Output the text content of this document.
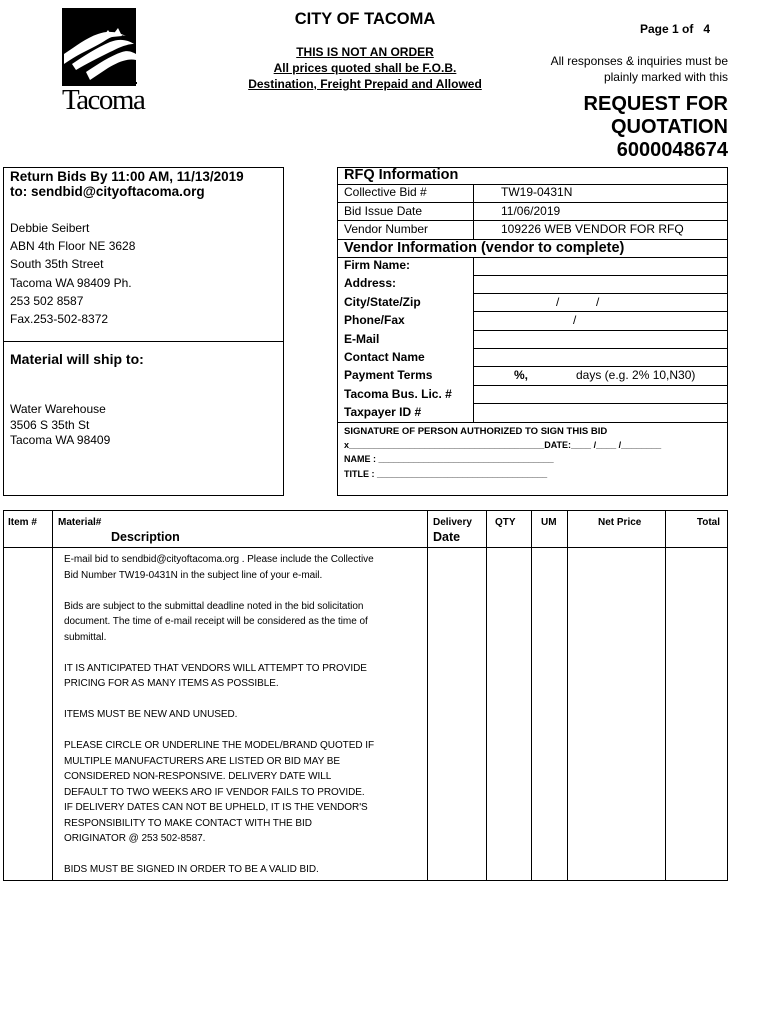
Tacoma
CITY OF TACOMA
THIS IS NOT AN ORDER
All prices quoted shall be F.O.B.
Destination, Freight Prepaid and Allowed
Page 1 of 4
All responses & inquiries must be
plainly marked with this
REQUEST FOR
QUOTATION
6000048674
Return Bids By 11:00 AM, 11/13/2019
to: sendbid@cityoftacoma.org
Debbie Seibert
ABN 4th Floor NE 3628
South 35th Street
Tacoma WA 98409 Ph.
253 502 8587
Fax.253-502-8372
Material will ship to:
Water Warehouse
3506 S 35th St
Tacoma WA 98409
RFQ Information
Collective Bid #	TW19-0431N
Bid Issue Date	11/06/2019
Vendor Number	109226 WEB VENDOR FOR RFQ
Vendor Information (vendor to complete)
Firm Name:
Address:
City/State/Zip	/           /
Phone/Fax	/
E-Mail
Contact Name
Payment Terms	%,	days (e.g. 2% 10,N30)
Tacoma Bus. Lic. #
Taxpayer ID #
SIGNATURE OF PERSON AUTHORIZED TO SIGN THIS BID
x_______________________________________DATE:____ /____ /________
NAME : ___________________________________
TITLE : __________________________________
Item # Material#
Description
Delivery
Date
QTY	UM	Net Price	Total
E-mail bid to sendbid@cityoftacoma.org . Please include the Collective
Bid Number TW19-0431N in the subject line of your e-mail.

Bids are subject to the submittal deadline noted in the bid solicitation
document. The time of e-mail receipt will be considered as the time of
submittal.

IT IS ANTICIPATED THAT VENDORS WILL ATTEMPT TO PROVIDE
PRICING FOR AS MANY ITEMS AS POSSIBLE.

ITEMS MUST BE NEW AND UNUSED.

PLEASE CIRCLE OR UNDERLINE THE MODEL/BRAND QUOTED IF
MULTIPLE MANUFACTURERS ARE LISTED OR BID MAY BE
CONSIDERED NON-RESPONSIVE. DELIVERY DATE WILL
DEFAULT TO TWO WEEKS ARO IF VENDOR FAILS TO PROVIDE.
IF DELIVERY DATES CAN NOT BE UPHELD, IT IS THE VENDOR'S
RESPONSIBILITY TO MAKE CONTACT WITH THE BID
ORIGINATOR @ 253 502-8587.

BIDS MUST BE SIGNED IN ORDER TO BE A VALID BID.
